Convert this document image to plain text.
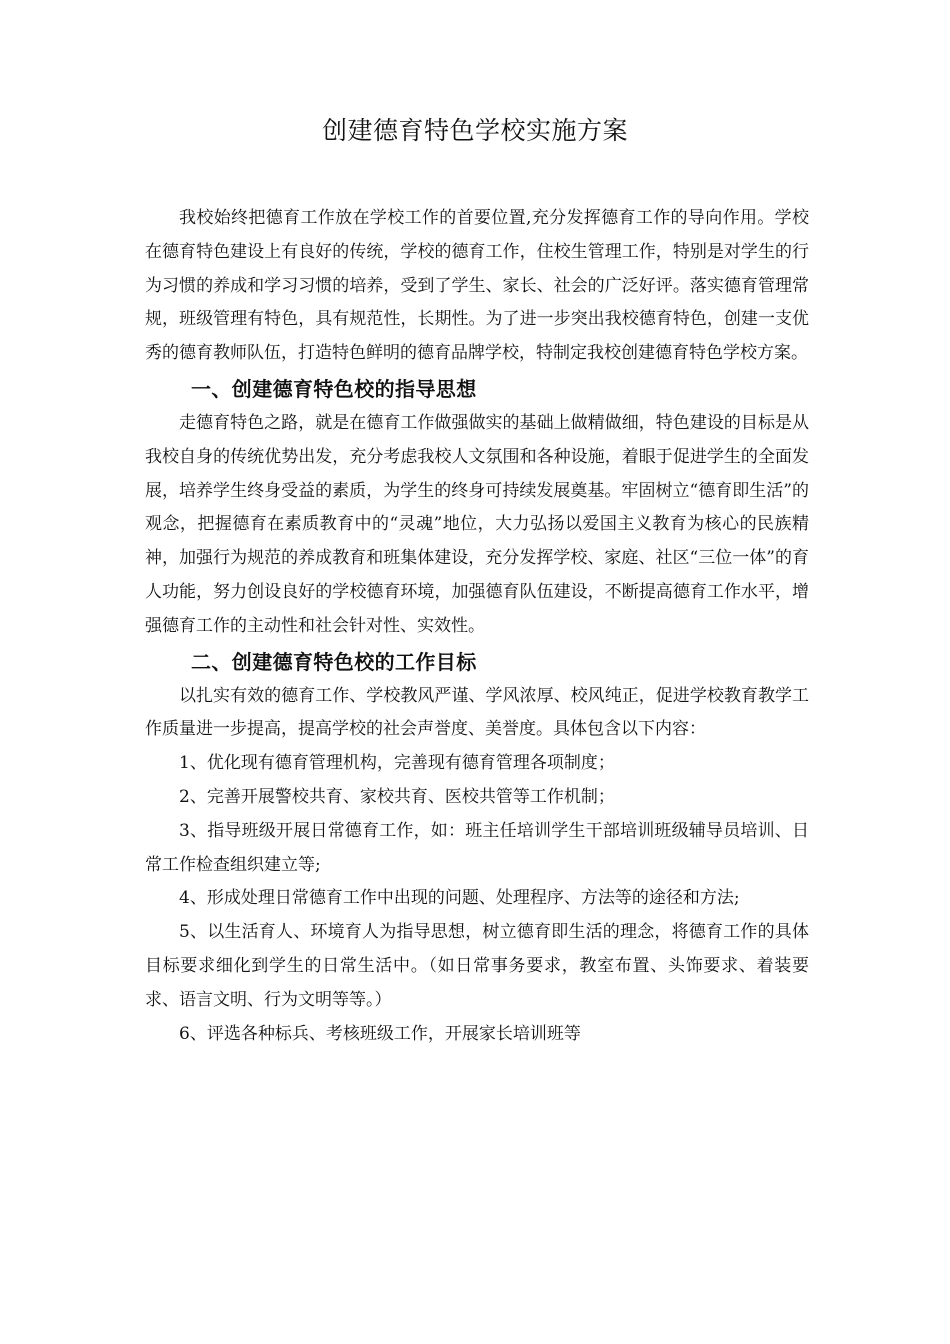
创建德育特色学校实施方案

我校始终把德育工作放在学校工作的首要位置,充分发挥德育工作的导向作用。学校在德育特色建设上有良好的传统，学校的德育工作，住校生管理工作，特别是对学生的行为习惯的养成和学习习惯的培养，受到了学生、家长、社会的广泛好评。落实德育管理常规，班级管理有特色，具有规范性，长期性。为了进一步突出我校德育特色，创建一支优秀的德育教师队伍，打造特色鲜明的德育品牌学校，特制定我校创建德育特色学校方案。

一、创建德育特色校的指导思想

走德育特色之路，就是在德育工作做强做实的基础上做精做细，特色建设的目标是从我校自身的传统优势出发，充分考虑我校人文氛围和各种设施，着眼于促进学生的全面发展，培养学生终身受益的素质，为学生的终身可持续发展奠基。牢固树立“德育即生活”的观念，把握德育在素质教育中的“灵魂”地位，大力弘扬以爱国主义教育为核心的民族精神，加强行为规范的养成教育和班集体建设，充分发挥学校、家庭、社区“三位一体”的育人功能，努力创设良好的学校德育环境，加强德育队伍建设，不断提高德育工作水平，增强德育工作的主动性和社会针对性、实效性。

二、创建德育特色校的工作目标

以扎实有效的德育工作、学校教风严谨、学风浓厚、校风纯正，促进学校教育教学工作质量进一步提高，提高学校的社会声誉度、美誉度。具体包含以下内容：

1、优化现有德育管理机构，完善现有德育管理各项制度；

2、完善开展警校共育、家校共育、医校共管等工作机制；

3、指导班级开展日常德育工作，如：班主任培训学生干部培训班级辅导员培训、日常工作检查组织建立等;

4、形成处理日常德育工作中出现的问题、处理程序、方法等的途径和方法;

5、以生活育人、环境育人为指导思想，树立德育即生活的理念，将德育工作的具体目标要求细化到学生的日常生活中。（如日常事务要求，教室布置、头饰要求、着装要求、语言文明、行为文明等等。）

6、评选各种标兵、考核班级工作，开展家长培训班等
